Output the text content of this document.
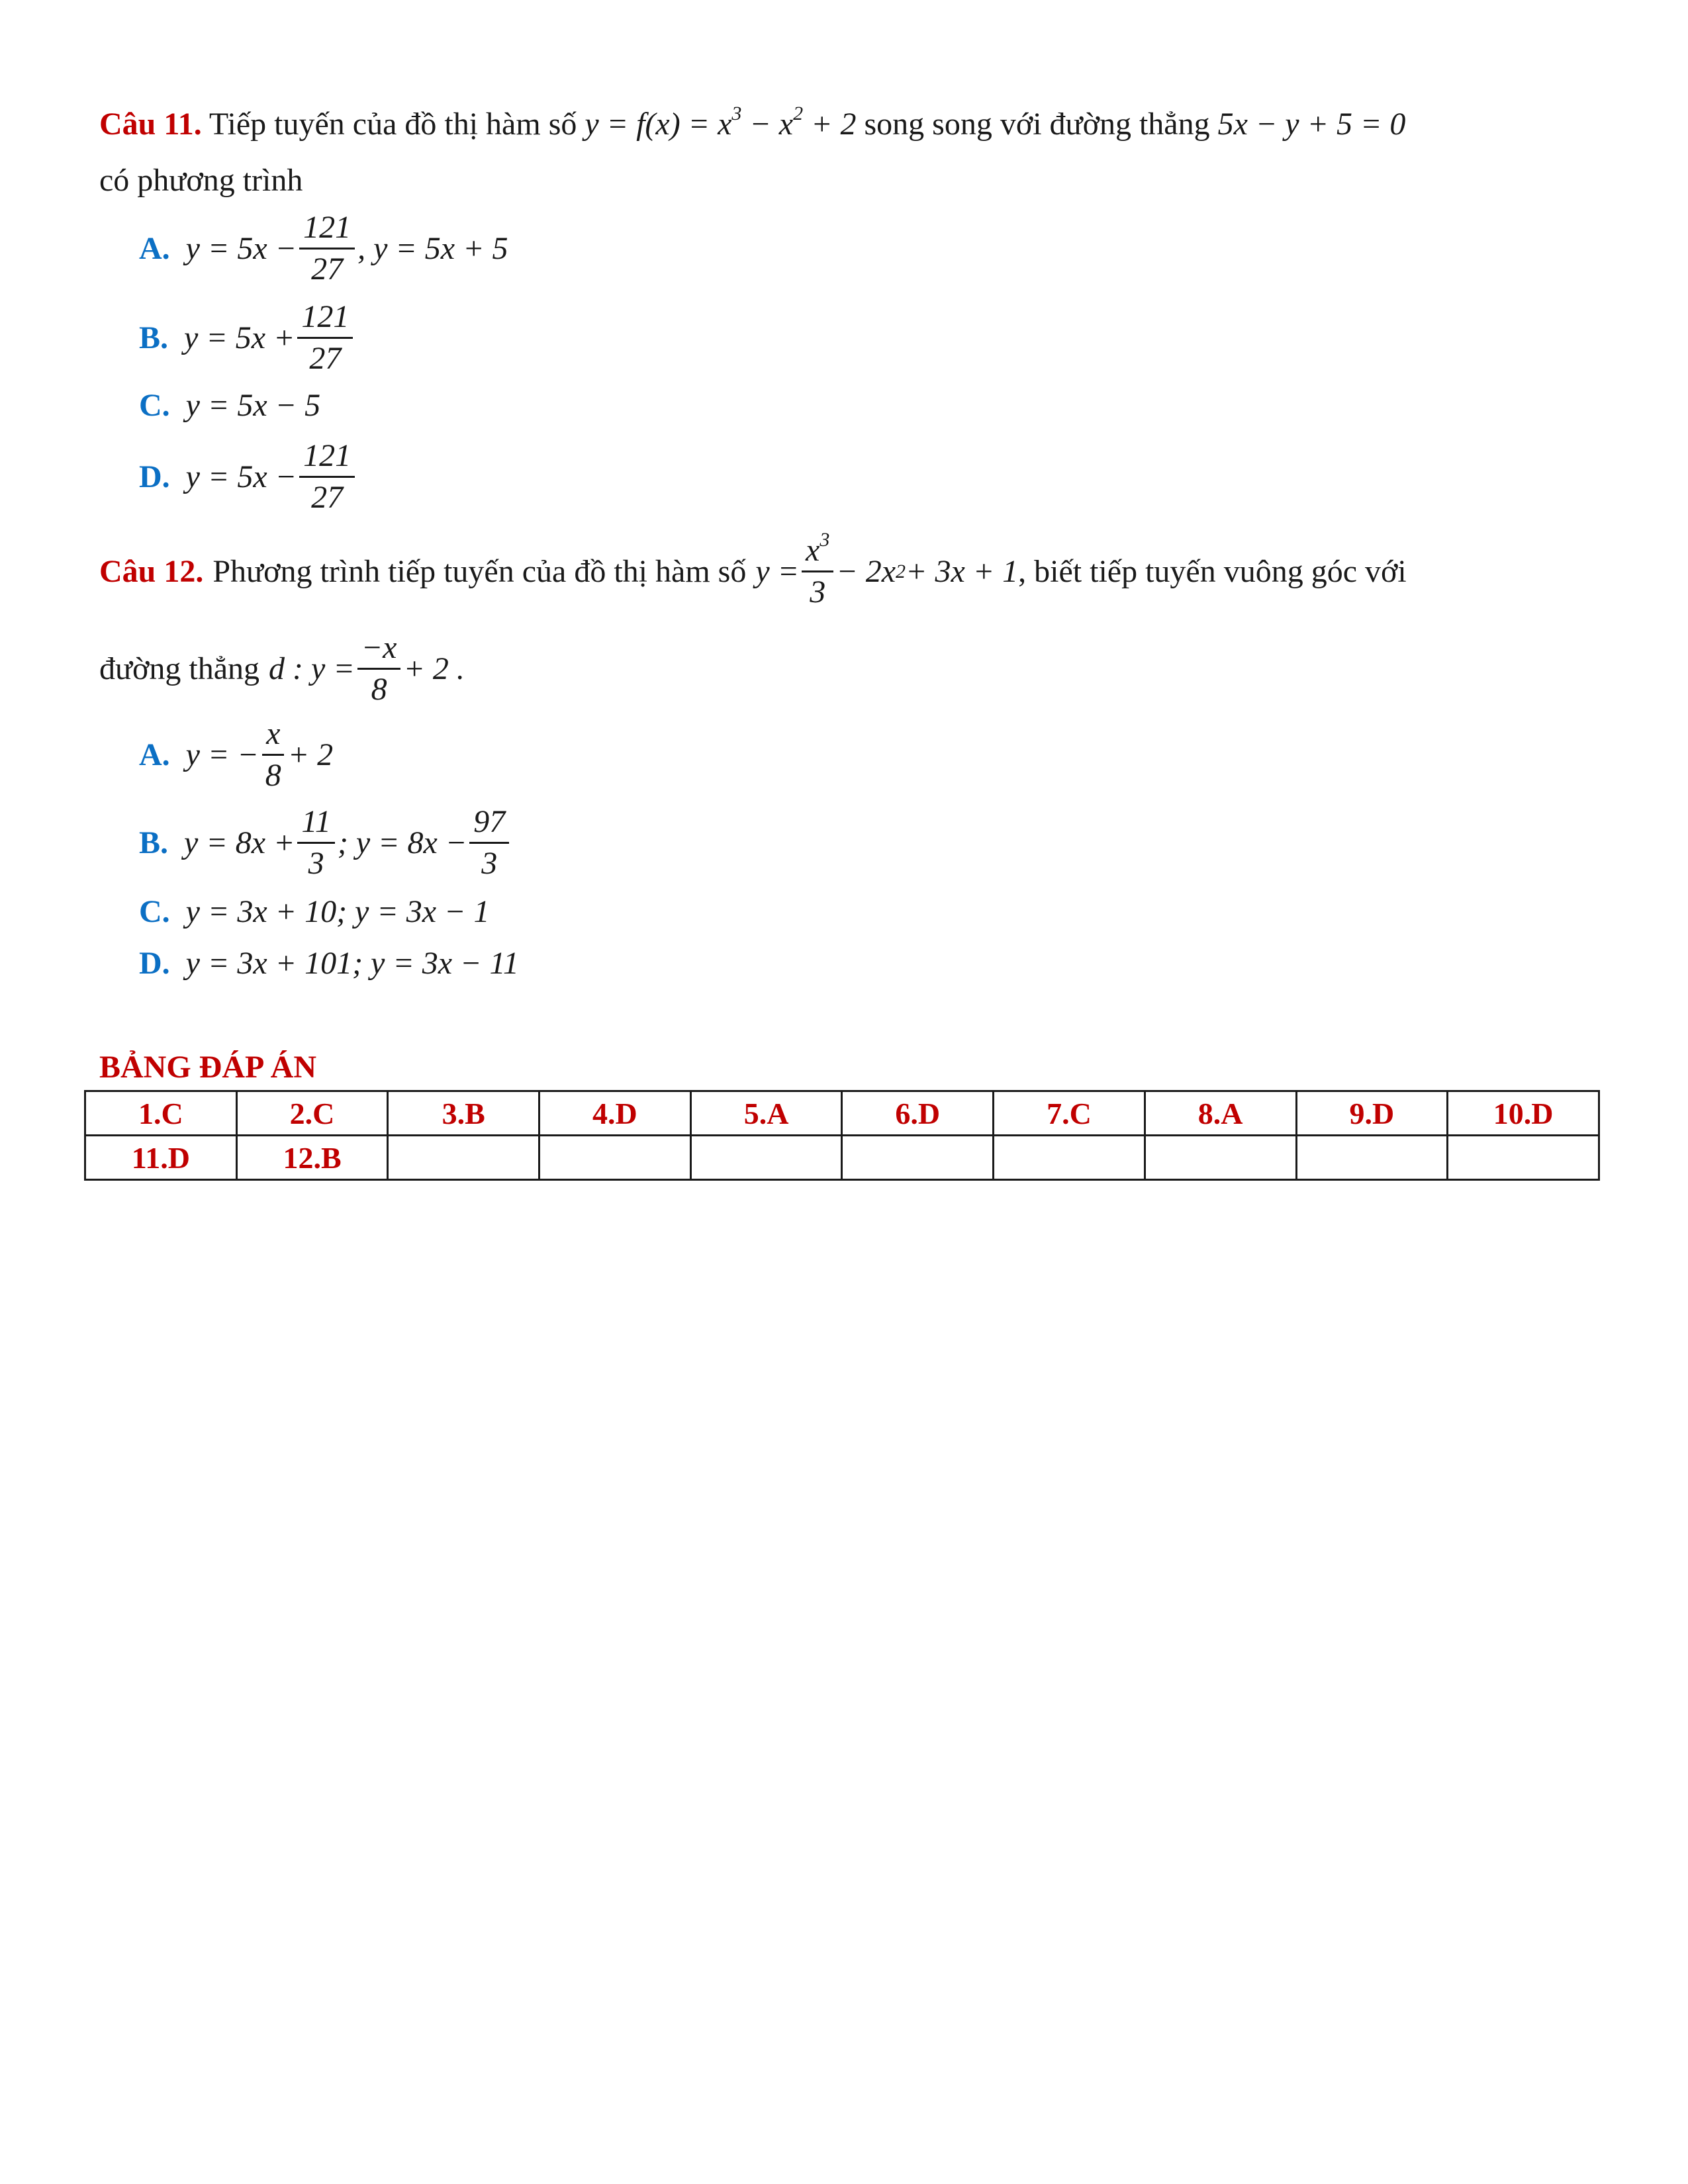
Câu 11. Tiếp tuyến của đồ thị hàm số $y = f(x) = x^3 - x^2 + 2$ song song với đường thẳng 5x − y + 5 = 0
có phương trình
A. $y = 5x - \frac{121}{27}$ , y = 5x + 5
B. $y = 5x + \frac{121}{27}$
C. y = 5x − 5
D. $y = 5x - \frac{121}{27}$
Câu 12. Phương trình tiếp tuyến của đồ thị hàm số $y = \frac{x^3}{3} - 2x$ 2 + 3x + 1 , biết tiếp tuyến vuông góc với
đường thẳng d : $y = \frac{-x}{8} + 2$ .
A. y = − $\frac{x}{8} + 2$
B. $y = 8x + \frac{11}{3}$ ; $y = 8x - \frac{97}{3}$
C. y = 3x + 10; y = 3x − 1
D. y = 3x + 101; y = 3x − 11
BẢNG ĐÁP ÁN
1.C	2.C	3.B	4.D	5.A	6.D	7.C	8.A	9.D	10.D
11.D	12.B								
